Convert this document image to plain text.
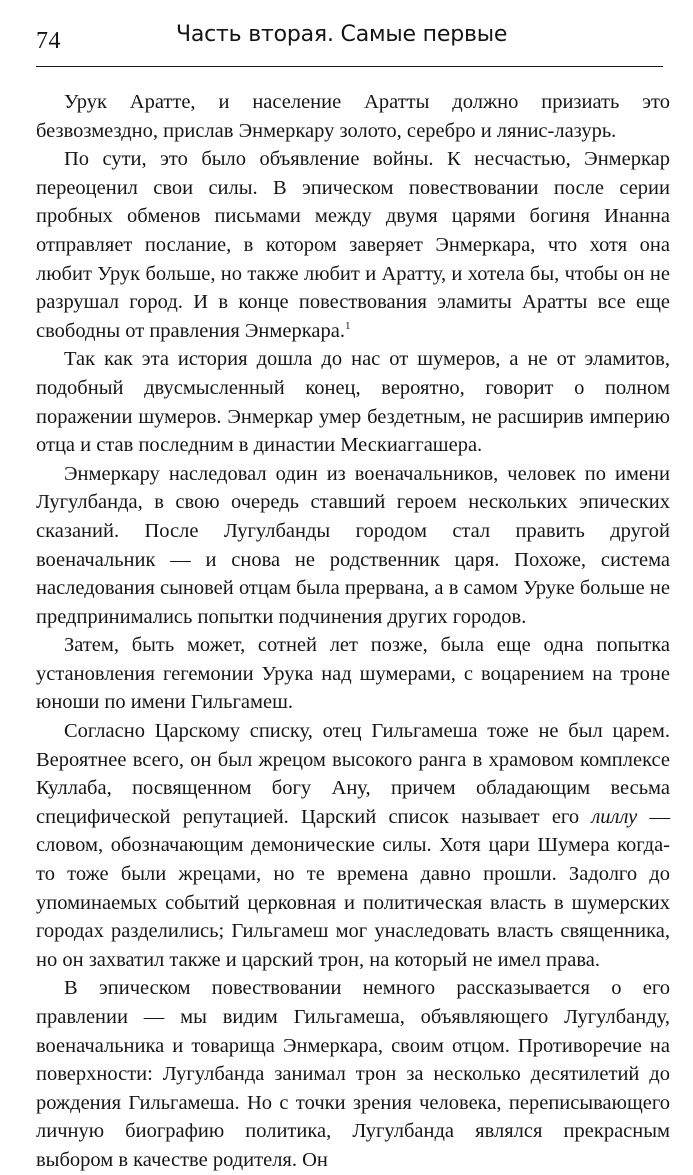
74	Часть вторая. Самые первые

Урук Аратте, и население Аратты должно призиать это безвозмездно, прислав Энмеркару золото, серебро и лянис-лазурь.

По сути, это было объявление войны. К несчастью, Энмеркар переоценил свои силы. В эпическом повествовании после серии пробных обменов письмами между двумя царями богиня Инанна отправляет послание, в котором заверяет Энмеркара, что хотя она любит Урук больше, но также любит и Аратту, и хотела бы, чтобы он не разрушал город. И в конце повествования эламиты Аратты все еще свободны от правления Энмеркара.$^1$

Так как эта история дошла до нас от шумеров, а не от эламитов, подобный двусмысленный конец, вероятно, говорит о полном поражении шумеров. Энмеркар умер бездетным, не расширив империю отца и став последним в династии Мескиаггашера.

Энмеркару наследовал один из военачальников, человек по имени Лугулбанда, в свою очередь ставший героем нескольких эпических сказаний. После Лугулбанды городом стал править другой военачальник — и снова не родственник царя. Похоже, система наследования сыновей отцам была прервана, а в самом Уруке больше не предпринимались попытки подчинения других городов.

Затем, быть может, сотней лет позже, была еще одна попытка установления гегемонии Урука над шумерами, с воцарением на троне юноши по имени Гильгамеш.

Согласно Царскому списку, отец Гильгамеша тоже не был царем. Вероятнее всего, он был жрецом высокого ранга в храмовом комплексе Куллаба, посвященном богу Ану, причем обладающим весьма специфической репутацией. Царский список называет его лиллу — словом, обозначающим демонические силы. Хотя цари Шумера когда-то тоже были жрецами, но те времена давно прошли. Задолго до упоминаемых событий церковная и политическая власть в шумерских городах разделились; Гильгамеш мог унаследовать власть священника, но он захватил также и царский трон, на который не имел права.

В эпическом повествовании немного рассказывается о его правлении — мы видим Гильгамеша, объявляющего Лугулбанду, военачальника и товарища Энмеркара, своим отцом. Противоречие на поверхности: Лугулбанда занимал трон за несколько десятилетий до рождения Гильгамеша. Но с точки зрения человека, переписывающего личную биографию политика, Лугулбанда являлся прекрасным выбором в качестве родителя. Он
